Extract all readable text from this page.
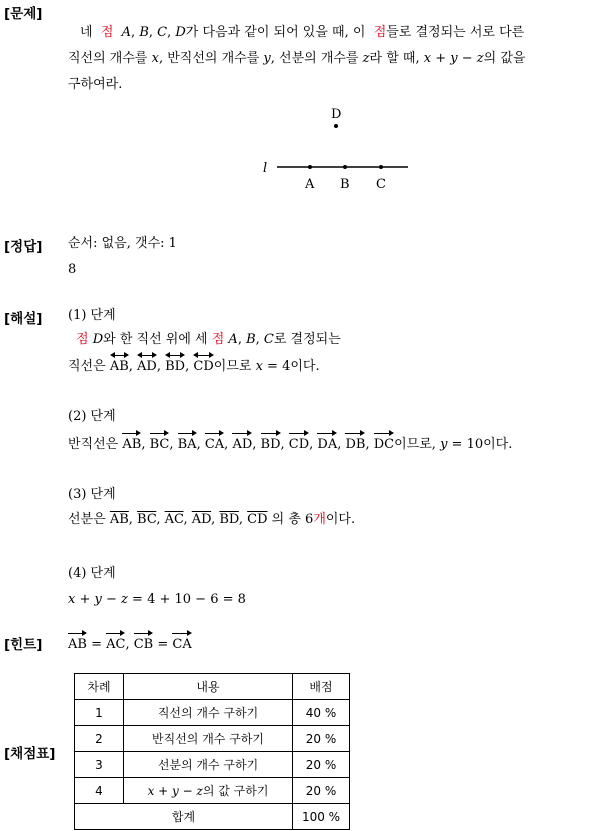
[문제]
[정답]
[해설]
[힌트]
[채점표]
네 점 A, B, C, D가 다음과 같이 되어 있을 때, 이 점들로 결정되는 서로 다른
직선의 개수를 x, 반직선의 개수를 y, 선분의 개수를 z라 할 때, x + y − z의 값을
구하여라.
l
D
A B C
순서: 없음, 갯수: 1
8
(1) 단계
점 D와 한 직선 위에 세 점 A, B, C로 결정되는
직선은 AB,
AD,
BD,
CD이므로 x = 4이다.
(2) 단계
반직선은 AB, BC, BA, CA, AD, BD, CD, DA, DB, DC이므로, y = 10이다.
(3) 단계
선분은 $\overline{AB}$, $\overline{BC}$, $\overline{AC}$, $\overline{AD}$, $\overline{BD}$, $\overline{CD}$ 의 총 6개이다.
(4) 단계
x + y − z = 4 + 10 − 6 = 8
AB = AC, CB = CA
차례	내용	배점
1	직선의 개수 구하기	40 %
2	반직선의 개수 구하기	20 %
3	선분의 개수 구하기	20 %
4	x + y − z의 값 구하기	20 %
합계		100 %
